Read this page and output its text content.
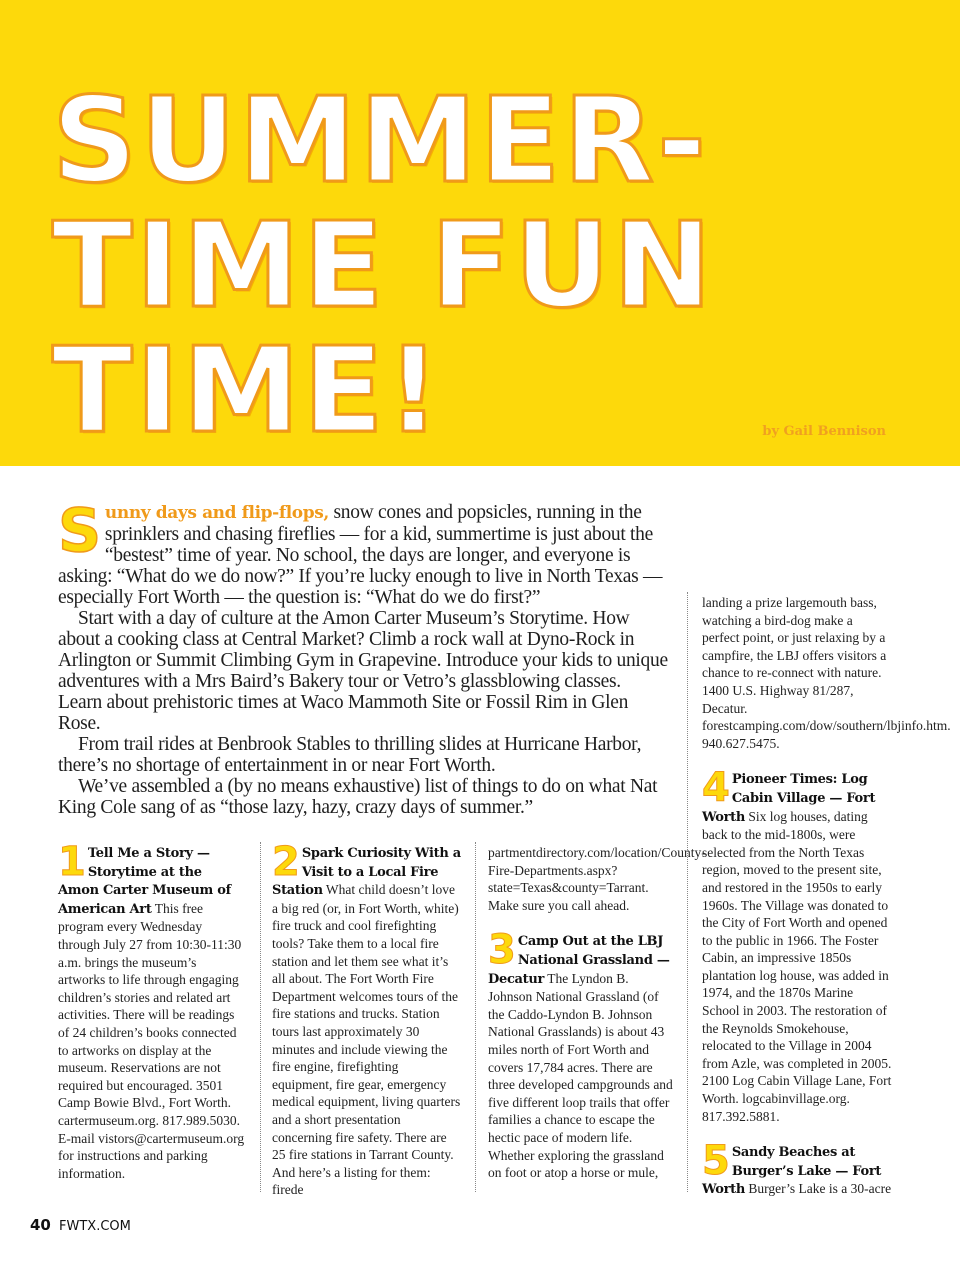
SUMMER-
TIME FUN
TIME!	by Gail Bennison

Sunny days and flip-flops, snow cones and popsicles, running in the sprinklers and chasing fireflies — for a kid, summertime is just about the “bestest” time of year. No school, the days are longer, and everyone is asking: “What do we do now?” If you’re lucky enough to live in North Texas — especially Fort Worth — the question is: “What do we do first?”

Start with a day of culture at the Amon Carter Museum’s Storytime. How about a cooking class at Central Market? Climb a rock wall at Dyno-Rock in Arlington or Summit Climbing Gym in Grapevine. Introduce your kids to unique adventures with a Mrs Baird’s Bakery tour or Vetro’s glassblowing classes. Learn about prehistoric times at Waco Mammoth Site or Fossil Rim in Glen Rose.

From trail rides at Benbrook Stables to thrilling slides at Hurricane Harbor, there’s no shortage of entertainment in or near Fort Worth.

We’ve assembled a (by no means exhaustive) list of things to do on what Nat King Cole sang of as “those lazy, hazy, crazy days of summer.”

1 Tell Me a Story — Storytime at the Amon Carter Museum of American Art This free program every Wednesday through July 27 from 10:30-11:30 a.m. brings the museum’s artworks to life through engaging children’s stories and related art activities. There will be readings of 24 children’s books connected to artworks on display at the museum. Reservations are not required but encouraged. 3501 Camp Bowie Blvd., Fort Worth. cartermuseum.org. 817.989.5030. E-mail vistors@cartermuseum.org for instructions and parking information.

2 Spark Curiosity With a Visit to a Local Fire Station What child doesn’t love a big red (or, in Fort Worth, white) fire truck and cool firefighting tools? Take them to a local fire station and let them see what it’s all about. The Fort Worth Fire Department welcomes tours of the fire stations and trucks. Station tours last approximately 30 minutes and include viewing the fire engine, firefighting equipment, fire gear, emergency medical equipment, living quarters and a short presentation concerning fire safety. There are 25 fire stations in Tarrant County. And here’s a listing for them: firede

partmentdirectory.com/location/County-Fire-Departments.aspx?state=Texas&county=Tarrant. Make sure you call ahead.

3 Camp Out at the LBJ National Grassland — Decatur The Lyndon B. Johnson National Grassland (of the Caddo-Lyndon B. Johnson National Grasslands) is about 43 miles north of Fort Worth and covers 17,784 acres. There are three developed campgrounds and five different loop trails that offer families a chance to escape the hectic pace of modern life. Whether exploring the grassland on foot or atop a horse or mule,

landing a prize largemouth bass, watching a bird-dog make a perfect point, or just relaxing by a campfire, the LBJ offers visitors a chance to re-connect with nature. 1400 U.S. Highway 81/287, Decatur. forestcamping.com/dow/southern/lbjinfo.htm. 940.627.5475.

4 Pioneer Times: Log Cabin Village — Fort Worth Six log houses, dating back to the mid-1800s, were selected from the North Texas region, moved to the present site, and restored in the 1950s to early 1960s. The Village was donated to the City of Fort Worth and opened to the public in 1966. The Foster Cabin, an impressive 1850s plantation log house, was added in 1974, and the 1870s Marine School in 2003. The restoration of the Reynolds Smokehouse, relocated to the Village in 2004 from Azle, was completed in 2005. 2100 Log Cabin Village Lane, Fort Worth. logcabinvillage.org. 817.392.5881.

5 Sandy Beaches at Burger’s Lake — Fort Worth Burger’s Lake is a 30-acre

40 FWTX.COM
